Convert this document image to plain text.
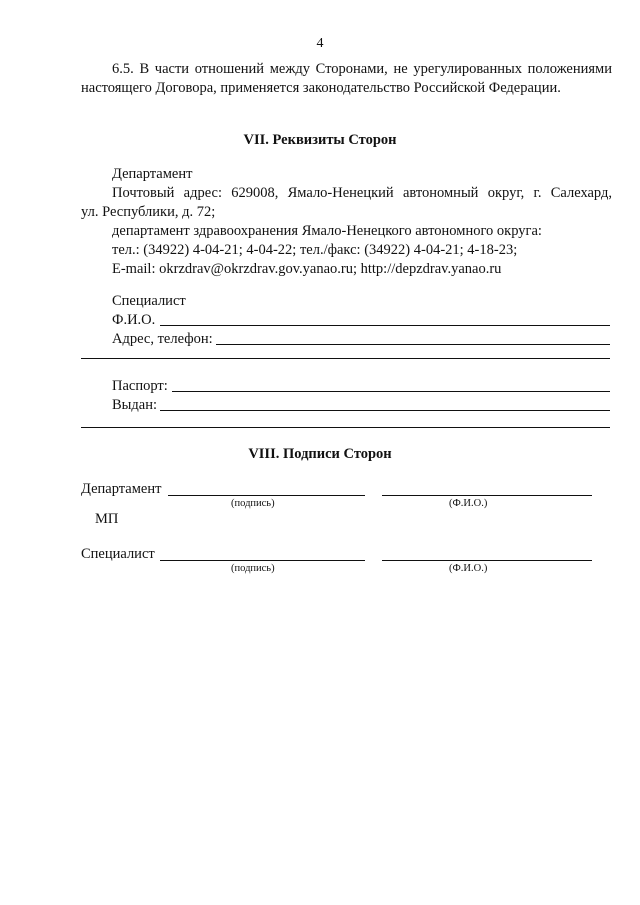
4

6.5. В части отношений между Сторонами, не урегулированных положениями настоящего Договора, применяется законодательство Российской Федерации.

VII. Реквизиты Сторон
Департамент
Почтовый адрес: 629008, Ямало-Ненецкий автономный округ, г. Салехард,
ул. Республики, д. 72;
департамент здравоохранения Ямало-Ненецкого автономного округа:
тел.: (34922) 4-04-21; 4-04-22; тел./факс: (34922) 4-04-21; 4-18-23;
E-mail: okrzdrav@okrzdrav.gov.yanao.ru; http://depzdrav.yanao.ru
Специалист
Ф.И.О.
Адрес, телефон:
Паспорт:
Выдан:
VIII. Подписи Сторон
Департамент
(подпись)	(Ф.И.О.)
МП
Специалист
(подпись)	(Ф.И.О.)
